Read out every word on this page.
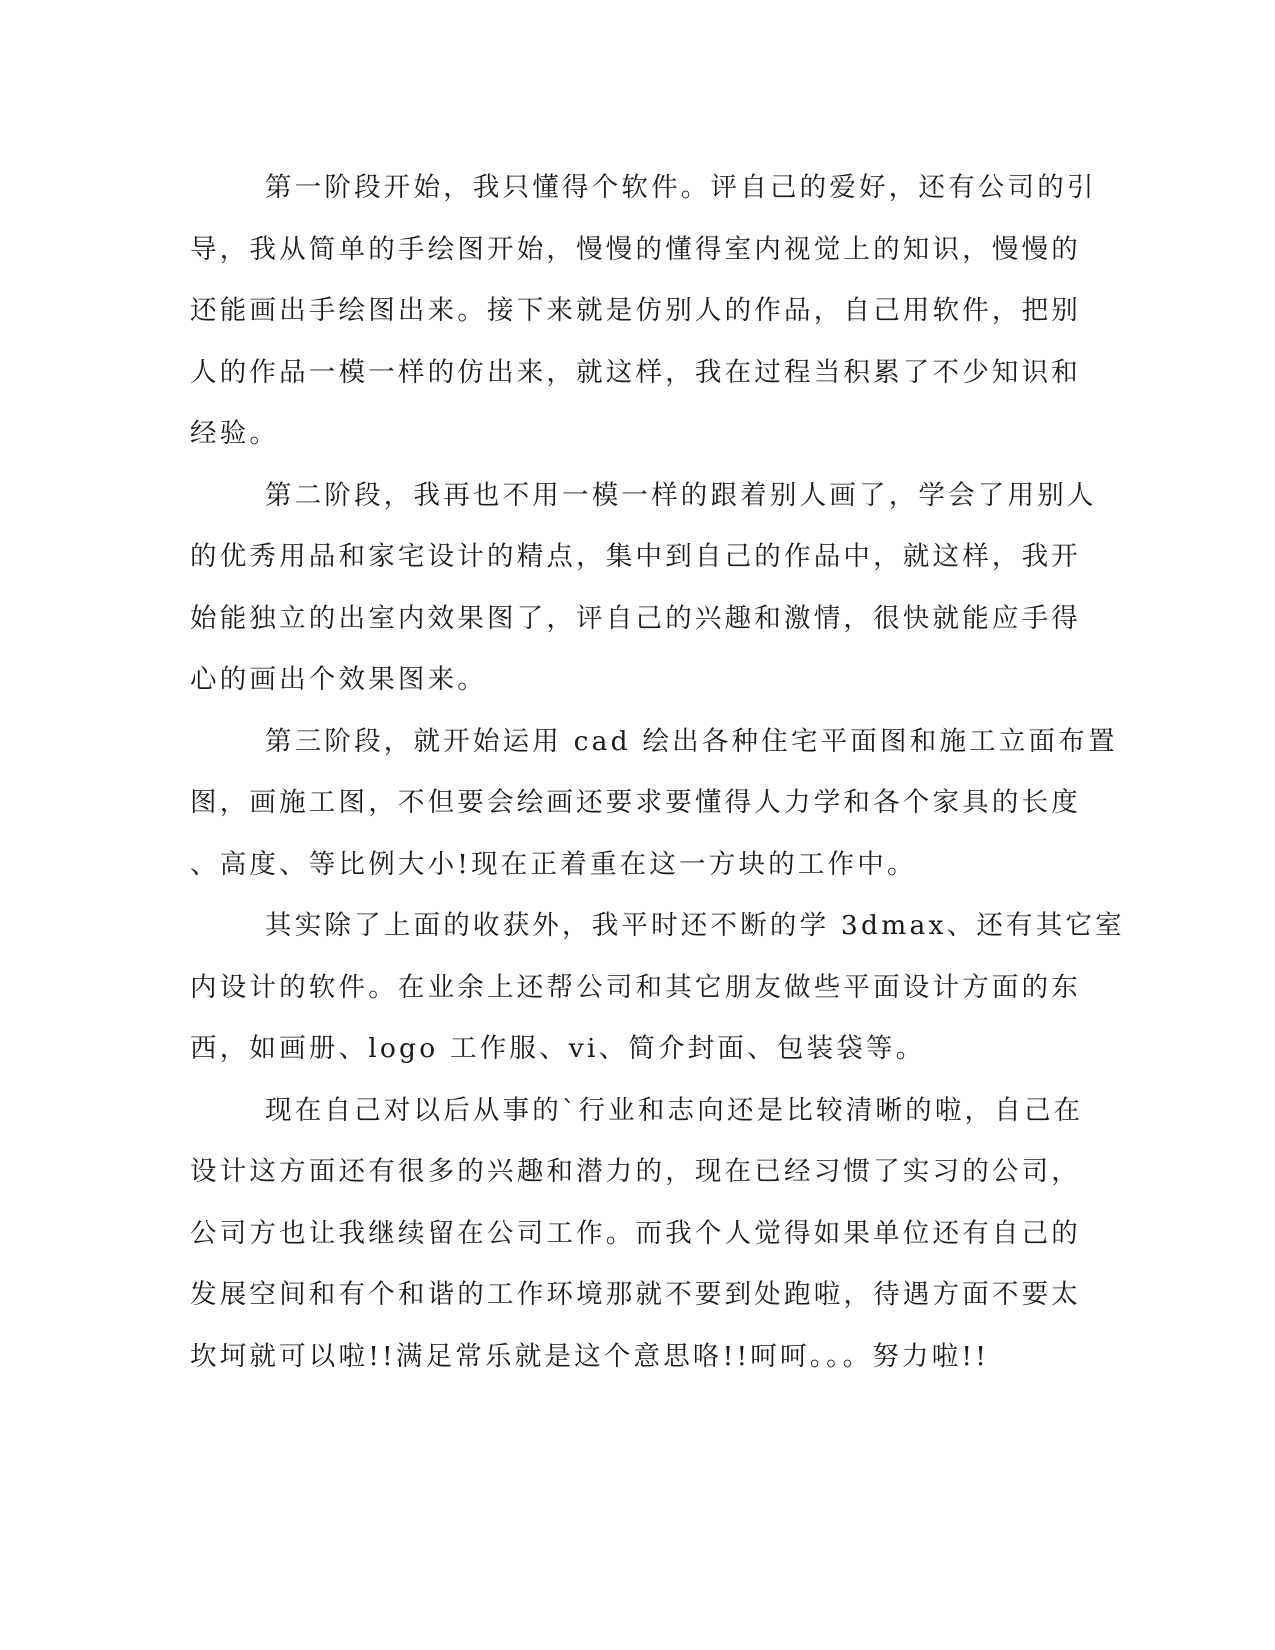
第一阶段开始，我只懂得个软件。评自己的爱好，还有公司的引
导，我从简单的手绘图开始，慢慢的懂得室内视觉上的知识，慢慢的
还能画出手绘图出来。接下来就是仿别人的作品，自己用软件，把别
人的作品一模一样的仿出来，就这样，我在过程当积累了不少知识和
经验。
第二阶段，我再也不用一模一样的跟着别人画了，学会了用别人
的优秀用品和家宅设计的精点，集中到自己的作品中，就这样，我开
始能独立的出室内效果图了，评自己的兴趣和激情，很快就能应手得
心的画出个效果图来。
第三阶段，就开始运用 cad 绘出各种住宅平面图和施工立面布置
图，画施工图，不但要会绘画还要求要懂得人力学和各个家具的长度
、高度、等比例大小!现在正着重在这一方块的工作中。
其实除了上面的收获外，我平时还不断的学 3dmax、还有其它室
内设计的软件。在业余上还帮公司和其它朋友做些平面设计方面的东
西，如画册、logo 工作服、vi、简介封面、包装袋等。
现在自己对以后从事的`行业和志向还是比较清晰的啦，自己在
设计这方面还有很多的兴趣和潜力的，现在已经习惯了实习的公司，
公司方也让我继续留在公司工作。而我个人觉得如果单位还有自己的
发展空间和有个和谐的工作环境那就不要到处跑啦，待遇方面不要太
坎坷就可以啦!!满足常乐就是这个意思咯!!呵呵。。。努力啦!!
